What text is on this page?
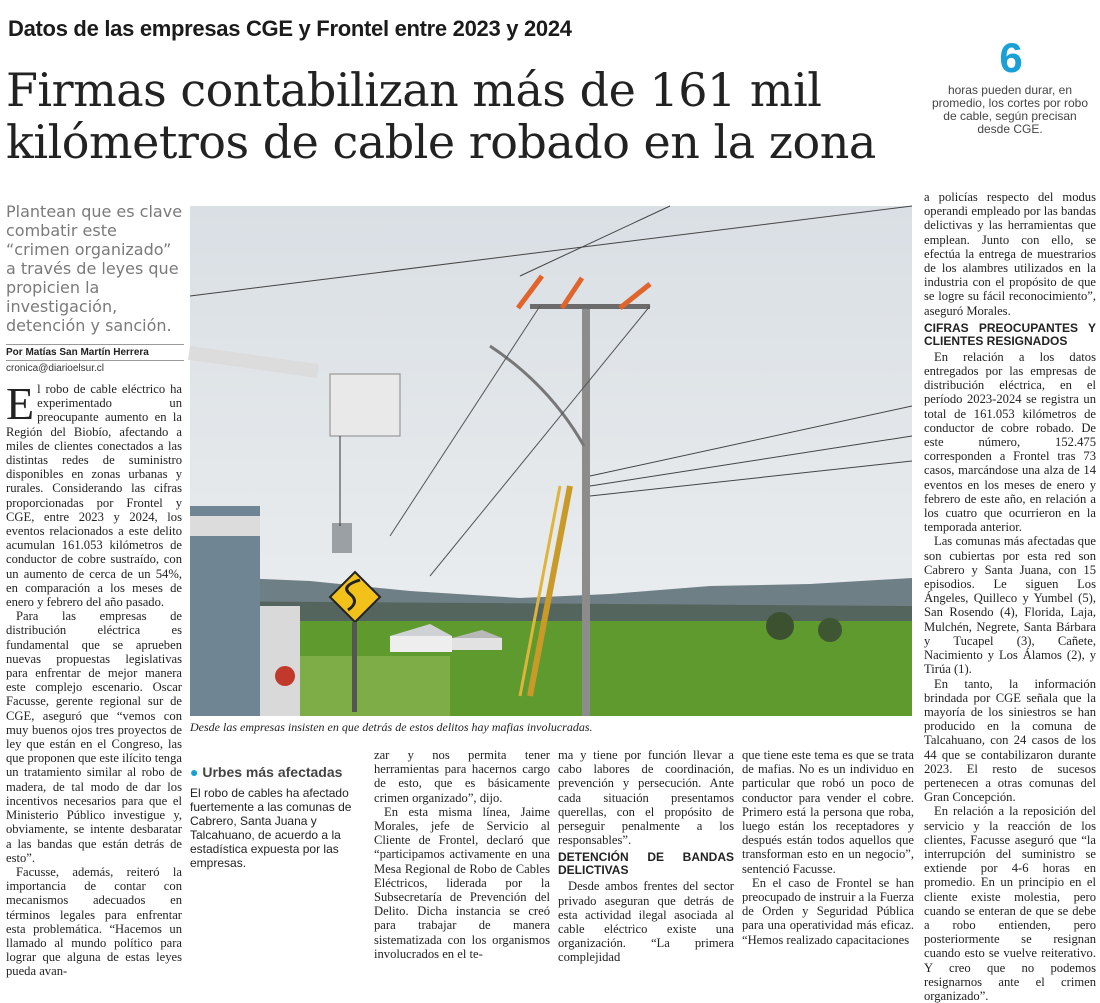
Datos de las empresas CGE y Frontel entre 2023 y 2024
Firmas contabilizan más de 161 mil kilómetros de cable robado en la zona
6
horas pueden durar, en promedio, los cortes por robo de cable, según precisan desde CGE.
Plantean que es clave combatir este “crimen organizado” a través de leyes que propicien la investigación, detención y sanción.
Por Matías San Martín Herrera
cronica@diarioelsur.cl
E l robo de cable eléctrico ha experimentado un preocupante aumento en la Región del Biobío, afectando a miles de clientes conectados a las distintas redes de suministro disponibles en zonas urbanas y rurales. Considerando las cifras proporcionadas por Frontel y CGE, entre 2023 y 2024, los eventos relacionados a este delito acumulan 161.053 kilómetros de conductor de cobre sustraído, con un aumento de cerca de un 54%, en comparación a los meses de enero y febrero del año pasado.

Para las empresas de distribución eléctrica es fundamental que se aprueben nuevas propuestas legislativas para enfrentar de mejor manera este complejo escenario. Oscar Facusse, gerente regional sur de CGE, aseguró que “vemos con muy buenos ojos tres proyectos de ley que están en el Congreso, las que proponen que este ilícito tenga un tratamiento similar al robo de madera, de tal modo de dar los incentivos necesarios para que el Ministerio Público investigue y, obviamente, se intente desbaratar a las bandas que están detrás de esto”.

Facusse, además, reiteró la importancia de contar con mecanismos adecuados en términos legales para enfrentar esta problemática. “Hacemos un llamado al mundo político para lograr que alguna de estas leyes pueda avan-

Desde las empresas insisten en que detrás de estos delitos hay mafias involucradas.
● Urbes más afectadas
El robo de cables ha afectado fuertemente a las comunas de Cabrero, Santa Juana y Talcahuano, de acuerdo a la estadística expuesta por las empresas.

zar y nos permita tener herramientas para hacernos cargo de esto, que es básicamente crimen organizado”, dijo.

En esta misma línea, Jaime Morales, jefe de Servicio al Cliente de Frontel, declaró que “participamos activamente en una Mesa Regional de Robo de Cables Eléctricos, liderada por la Subsecretaría de Prevención del Delito. Dicha instancia se creó para trabajar de manera sistematizada con los organismos involucrados en el te-

ma y tiene por función llevar a cabo labores de coordinación, prevención y persecución. Ante cada situación presentamos querellas, con el propósito de perseguir penalmente a los responsables”.

DETENCIÓN DE BANDAS DELICTIVAS

Desde ambos frentes del sector privado aseguran que detrás de esta actividad ilegal asociada al cable eléctrico existe una organización. “La primera complejidad

que tiene este tema es que se trata de mafias. No es un individuo en particular que robó un poco de conductor para vender el cobre. Primero está la persona que roba, luego están los receptadores y después están todos aquellos que transforman esto en un negocio”, sentenció Facusse.

En el caso de Frontel se han preocupado de instruir a la Fuerza de Orden y Seguridad Pública para una operatividad más eficaz. “Hemos realizado capacitaciones

a policías respecto del modus operandi empleado por las bandas delictivas y las herramientas que emplean. Junto con ello, se efectúa la entrega de muestrarios de los alambres utilizados en la industria con el propósito de que se logre su fácil reconocimiento”, aseguró Morales.

CIFRAS PREOCUPANTES Y CLIENTES RESIGNADOS

En relación a los datos entregados por las empresas de distribución eléctrica, en el período 2023-2024 se registra un total de 161.053 kilómetros de conductor de cobre robado. De este número, 152.475 corresponden a Frontel tras 73 casos, marcándose una alza de 14 eventos en los meses de enero y febrero de este año, en relación a los cuatro que ocurrieron en la temporada anterior.

Las comunas más afectadas que son cubiertas por esta red son Cabrero y Santa Juana, con 15 episodios. Le siguen Los Ángeles, Quilleco y Yumbel (5), San Rosendo (4), Florida, Laja, Mulchén, Negrete, Santa Bárbara y Tucapel (3), Cañete, Nacimiento y Los Álamos (2), y Tirúa (1).

En tanto, la información brindada por CGE señala que la mayoría de los siniestros se han producido en la comuna de Talcahuano, con 24 casos de los 44 que se contabilizaron durante 2023. El resto de sucesos pertenecen a otras comunas del Gran Concepción.

En relación a la reposición del servicio y la reacción de los clientes, Facusse aseguró que “la interrupción del suministro se extiende por 4-6 horas en promedio. En un principio en el cliente existe molestia, pero cuando se enteran de que se debe a robo entienden, pero posteriormente se resignan cuando esto se vuelve reiterativo. Y creo que no podemos resignarnos ante el crimen organizado”.
